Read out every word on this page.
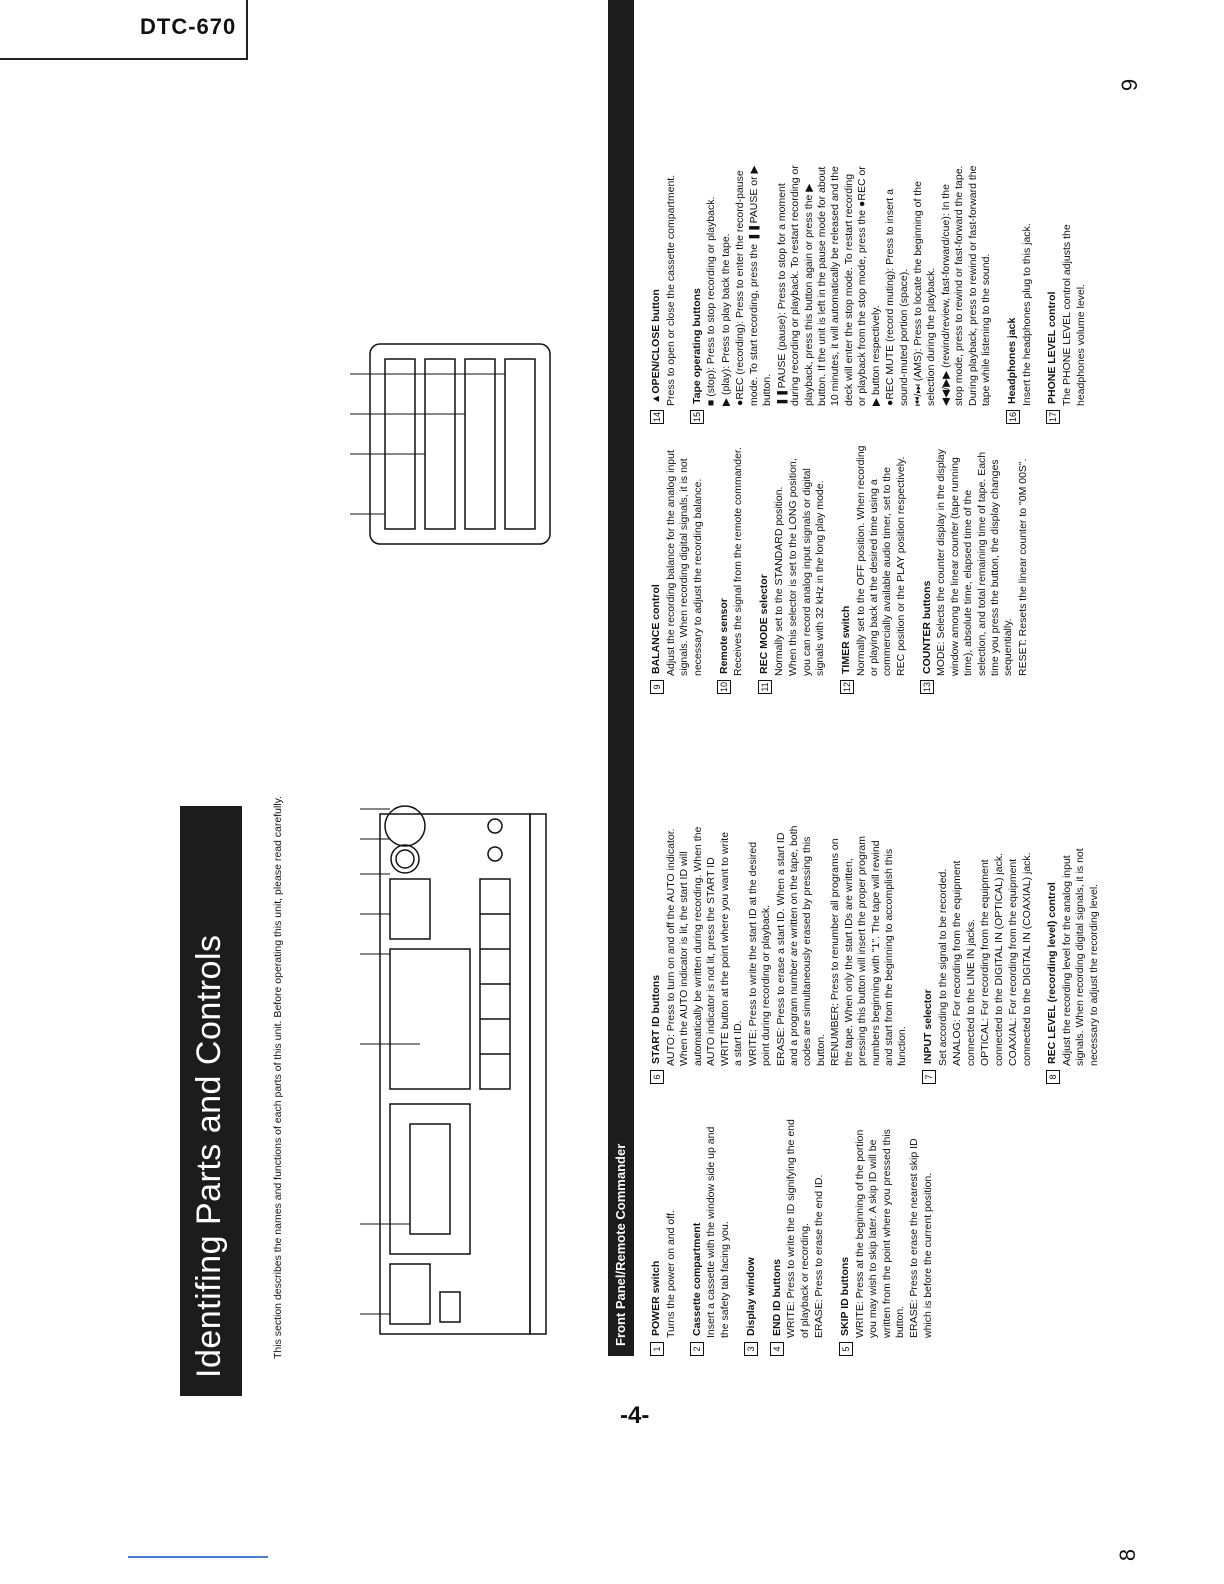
DTC-670
-4-
8
9
Identifing Parts and Controls	This section describes the names and functions of each parts of this unit. Before operating this unit, please read carefully.	Front Panel/Remote Commander
1
POWER switch Turns the power on and off.

2
Cassette compartment Insert a cassette with the window side up and the safety tab facing you.

3
Display window
4
END ID buttons WRITE: Press to write the ID signifying the end of playback or recording. ERASE: Press to erase the end ID.

5
SKIP ID buttons WRITE: Press at the beginning of the portion you may wish to skip later. A skip ID will be written from the point where you pressed this button. ERASE: Press to erase the nearest skip ID which is before the current position.

6
START ID buttons AUTO: Press to turn on and off the AUTO indicator. When the AUTO indicator is lit, the start ID will automatically be written during recording. When the AUTO indicator is not lit, press the START ID WRITE button at the point where you want to write a start ID. WRITE: Press to write the start ID at the desired point during recording or playback. ERASE: Press to erase a start ID. When a start ID and a program number are written on the tape, both codes are simultaneously erased by pressing this button. RENUMBER: Press to renumber all programs on the tape. When only the start IDs are written, pressing this button will insert the proper program numbers beginning with "1". The tape will rewind and start from the beginning to accomplish this function.

7
INPUT selector Set according to the signal to be recorded. ANALOG: For recording from the equipment connected to the LINE IN jacks. OPTICAL: For recording from the equipment connected to the DIGITAL IN (OPTICAL) jack. COAXIAL: For recording from the equipment connected to the DIGITAL IN (COAXIAL) jack.

8
REC LEVEL (recording level) control Adjust the recording level for the analog input signals. When recording digital signals, it is not necessary to adjust the recording level.

9
BALANCE control Adjust the recording balance for the analog input signals. When recording digital signals, it is not necessary to adjust the recording balance.

10
Remote sensor Receives the signal from the remote commander.

11
REC MODE selector Normally set to the STANDARD position. When this selector is set to the LONG position, you can record analog input signals or digital signals with 32 kHz in the long play mode.

12
TIMER switch Normally set to the OFF position. When recording or playing back at the desired time using a commercially available audio timer, set to the REC position or the PLAY position respectively.

13
COUNTER buttons MODE: Selects the counter display in the display window among the linear counter (tape running time), absolute time, elapsed time of the selection, and total remaining time of tape. Each time you press the button, the display changes sequentially. RESET: Resets the linear counter to "0M 00S".

14
▲OPEN/CLOSE button Press to open or close the cassette compartment.

15
Tape operating buttons ■ (stop): Press to stop recording or playback. ▶ (play): Press to play back the tape. ●REC (recording): Press to enter the record-pause mode. To start recording, press the ❚❚PAUSE or ▶ button. ❚❚PAUSE (pause): Press to stop for a moment during recording or playback. To restart recording or playback, press this button again or press the ▶ button. If the unit is left in the pause mode for about 10 minutes, it will automatically be released and the deck will enter the stop mode. To restart recording or playback from the stop mode, press the ●REC or ▶ button respectively. ●REC MUTE (record muting): Press to insert a sound-muted portion (space). ⏮/⏭ (AMS): Press to locate the beginning of the selection during the playback. ◀◀/▶▶ (rewind/review, fast-forward/cue): In the stop mode, press to rewind or fast-forward the tape. During playback, press to rewind or fast-forward the tape while listening to the sound.

16
Headphones jack Insert the headphones plug to this jack.

17
PHONE LEVEL control The PHONE LEVEL control adjusts the headphones volume level.
